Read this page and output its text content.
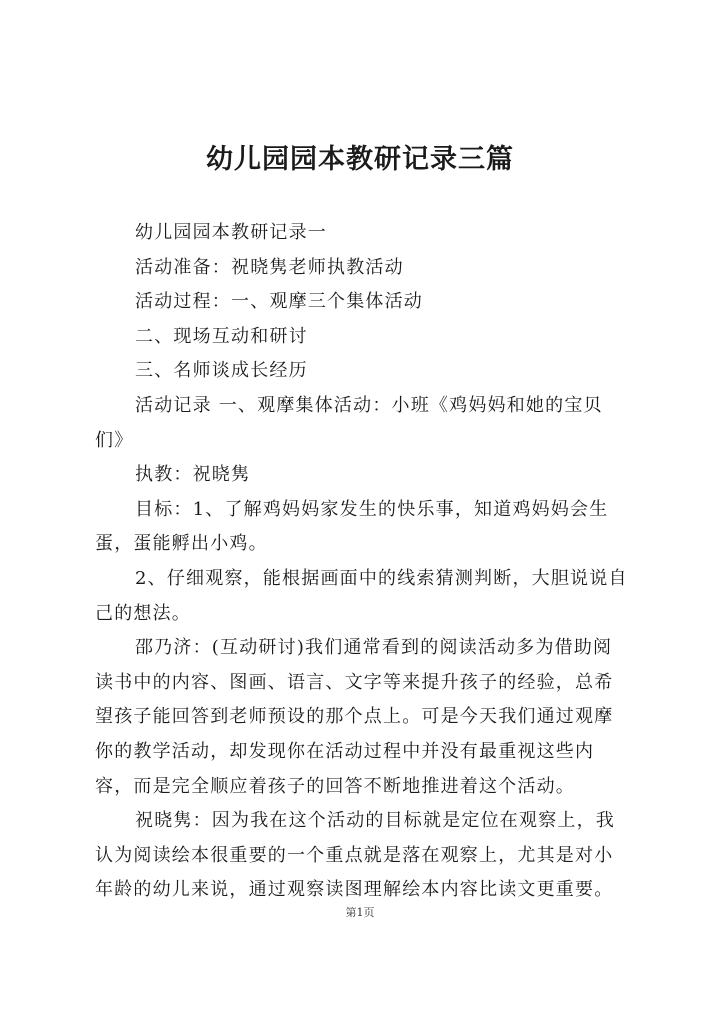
幼儿园园本教研记录三篇

幼儿园园本教研记录一

活动准备：祝晓隽老师执教活动

活动过程：一、观摩三个集体活动

二、现场互动和研讨

三、名师谈成长经历

活动记录 一、观摩集体活动：小班《鸡妈妈和她的宝贝们》

执教：祝晓隽

目标：1、了解鸡妈妈家发生的快乐事，知道鸡妈妈会生蛋，蛋能孵出小鸡。

2、仔细观察，能根据画面中的线索猜测判断，大胆说说自己的想法。

邵乃济：(互动研讨)我们通常看到的阅读活动多为借助阅读书中的内容、图画、语言、文字等来提升孩子的经验，总希望孩子能回答到老师预设的那个点上。可是今天我们通过观摩你的教学活动，却发现你在活动过程中并没有最重视这些内容，而是完全顺应着孩子的回答不断地推进着这个活动。

祝晓隽：因为我在这个活动的目标就是定位在观察上，我认为阅读绘本很重要的一个重点就是落在观察上，尤其是对小年龄的幼儿来说，通过观察读图理解绘本内容比读文更重要。

第1页
